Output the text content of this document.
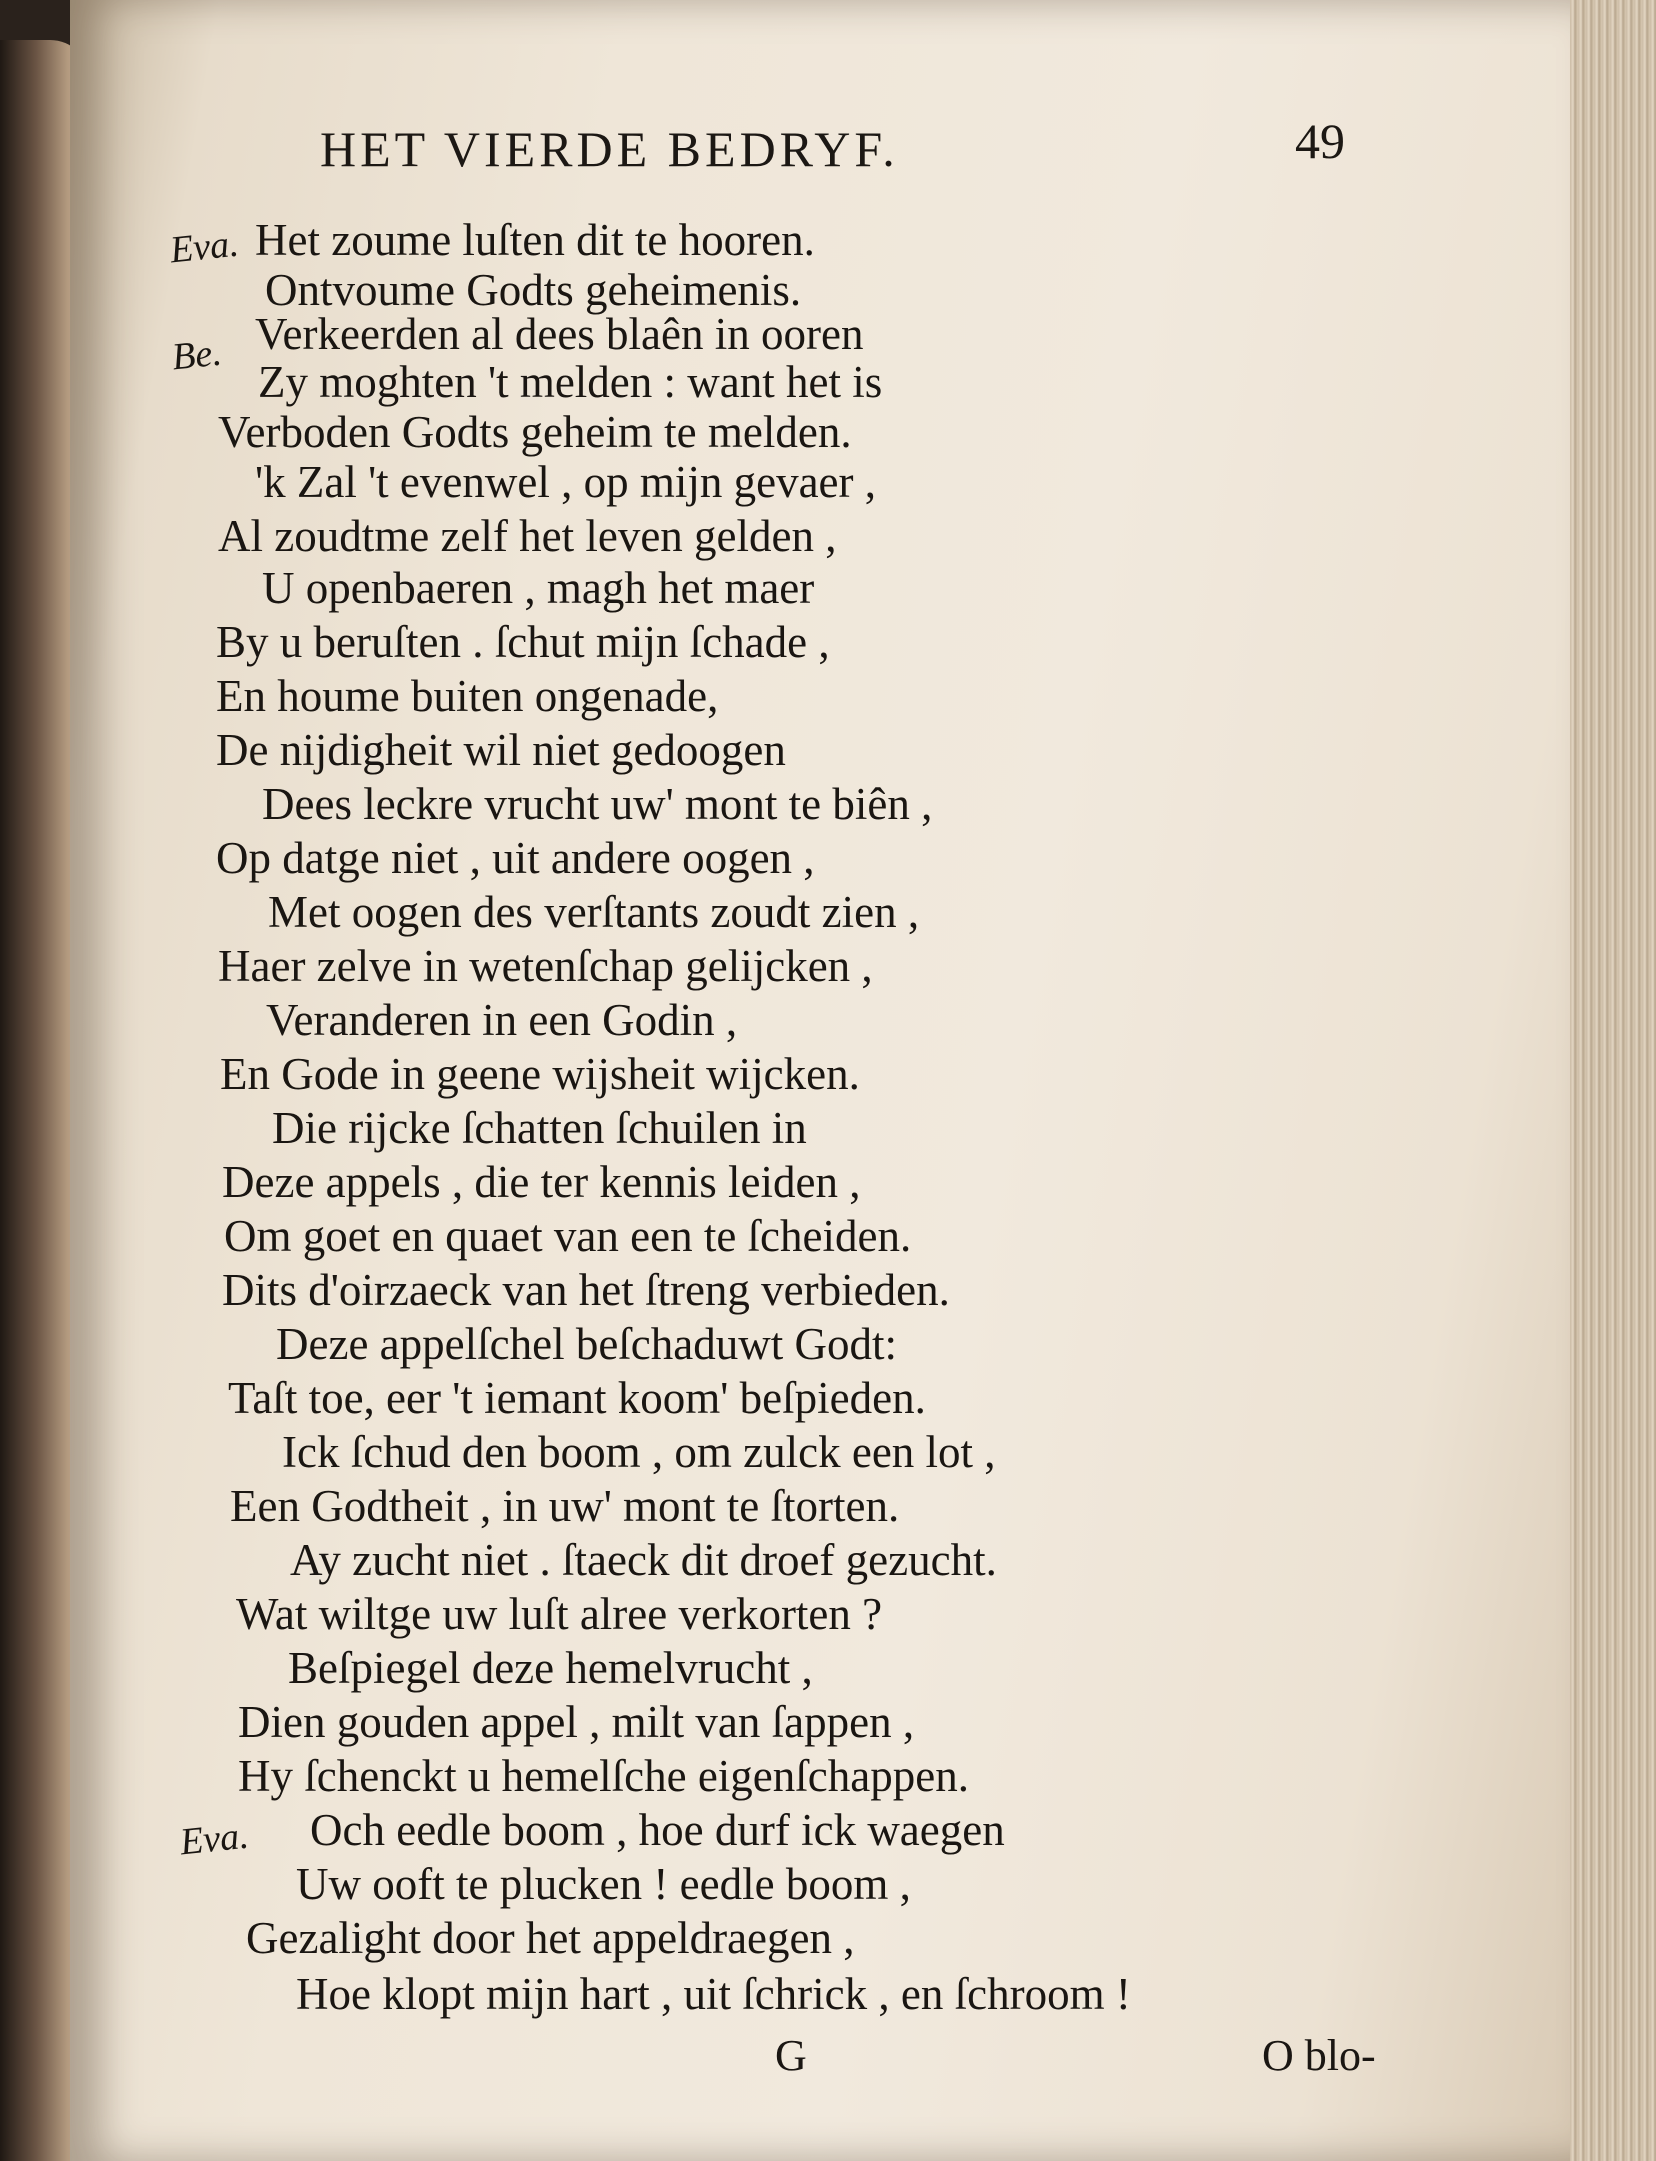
HET VIERDE BEDRYF.	49
Eva. Het zoume luſten dit te hooren.
Ontvoume Godts geheimenis.
Be. Verkeerden al dees blaên in ooren
Zy moghten 't melden : want het is
Verboden Godts geheim te melden.
'k Zal 't evenwel , op mijn gevaer ,
Al zoudtme zelf het leven gelden ,
U openbaeren , magh het maer
By u beruſten . ſchut mijn ſchade ,
En houme buiten ongenade,
De nijdigheit wil niet gedoogen
Dees leckre vrucht uw' mont te biên ,
Op datge niet , uit andere oogen ,
Met oogen des verſtants zoudt zien ,
Haer zelve in wetenſchap gelijcken ,
Veranderen in een Godin ,
En Gode in geene wijsheit wijcken.
Die rijcke ſchatten ſchuilen in
Deze appels , die ter kennis leiden ,
Om goet en quaet van een te ſcheiden.
Dits d'oirzaeck van het ſtreng verbieden.
Deze appelſchel beſchaduwt Godt:
Taſt toe, eer 't iemant koom' beſpieden.
Ick ſchud den boom , om zulck een lot ,
Een Godtheit , in uw' mont te ſtorten.
Ay zucht niet . ſtaeck dit droef gezucht.
Wat wiltge uw luſt alree verkorten ?
Beſpiegel deze hemelvrucht ,
Dien gouden appel , milt van ſappen ,
Hy ſchenckt u hemelſche eigenſchappen.
Eva. Och eedle boom , hoe durf ick waegen
Uw ooft te plucken ! eedle boom ,
Gezalight door het appeldraegen ,
Hoe klopt mijn hart , uit ſchrick , en ſchroom !
G	O blo-
